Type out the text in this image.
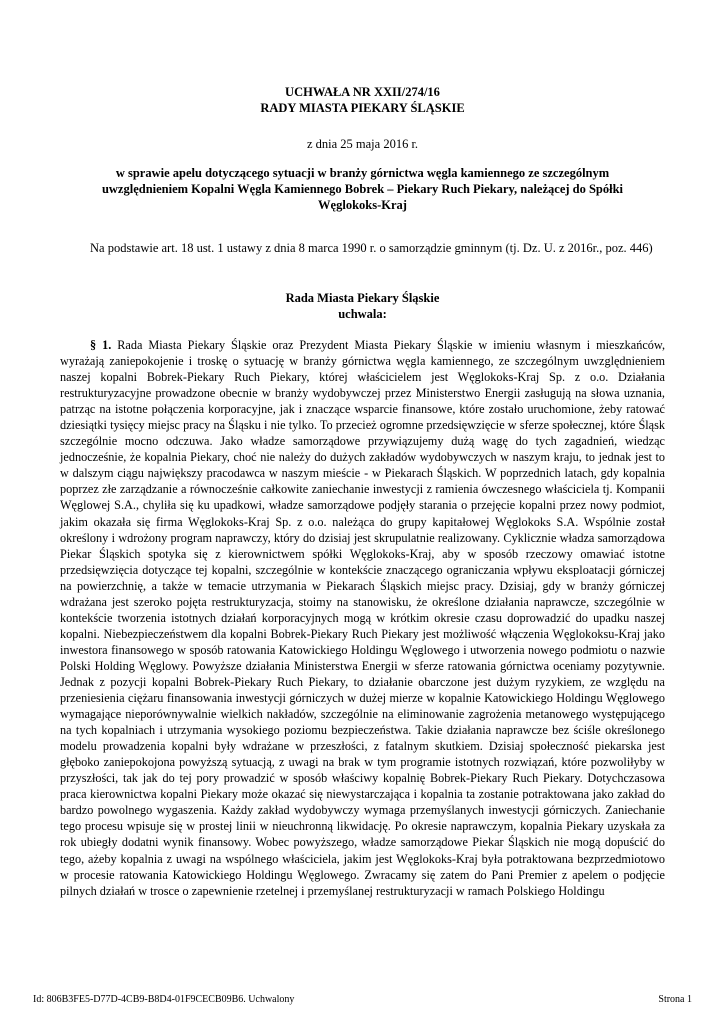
UCHWAŁA NR XXII/274/16
RADY MIASTA PIEKARY ŚLĄSKIE
z dnia 25 maja 2016 r.
w sprawie apelu dotyczącego sytuacji w branży górnictwa węgla kamiennego ze szczególnym uwzględnieniem Kopalni Węgla Kamiennego Bobrek – Piekary Ruch Piekary, należącej do Spółki Węglokoks-Kraj

Na podstawie art. 18 ust. 1 ustawy z dnia 8 marca 1990 r. o samorządzie gminnym (tj. Dz. U. z 2016r., poz. 446)

Rada Miasta Piekary Śląskie
uchwala:

§ 1. Rada Miasta Piekary Śląskie oraz Prezydent Miasta Piekary Śląskie w imieniu własnym i mieszkańców, wyrażają zaniepokojenie i troskę o sytuację w branży górnictwa węgla kamiennego, ze szczególnym uwzględnieniem naszej kopalni Bobrek-Piekary Ruch Piekary, której właścicielem jest Węglokoks-Kraj Sp. z o.o. Działania restrukturyzacyjne prowadzone obecnie w branży wydobywczej przez Ministerstwo Energii zasługują na słowa uznania, patrząc na istotne połączenia korporacyjne, jak i znaczące wsparcie finansowe, które zostało uruchomione, żeby ratować dziesiątki tysięcy miejsc pracy na Śląsku i nie tylko. To przecież ogromne przedsięwzięcie w sferze społecznej, które Śląsk szczególnie mocno odczuwa. Jako władze samorządowe przywiązujemy dużą wagę do tych zagadnień, wiedząc jednocześnie, że kopalnia Piekary, choć nie należy do dużych zakładów wydobywczych w naszym kraju, to jednak jest to w dalszym ciągu największy pracodawca w naszym mieście - w Piekarach Śląskich. W poprzednich latach, gdy kopalnia poprzez złe zarządzanie a równocześnie całkowite zaniechanie inwestycji z ramienia ówczesnego właściciela tj. Kompanii Węglowej S.A., chyliła się ku upadkowi, władze samorządowe podjęły starania o przejęcie kopalni przez nowy podmiot, jakim okazała się firma Węglokoks-Kraj Sp. z o.o. należąca do grupy kapitałowej Węglokoks S.A. Wspólnie został określony i wdrożony program naprawczy, który do dzisiaj jest skrupulatnie realizowany. Cyklicznie władza samorządowa Piekar Śląskich spotyka się z kierownictwem spółki Węglokoks-Kraj, aby w sposób rzeczowy omawiać istotne przedsięwzięcia dotyczące tej kopalni, szczególnie w kontekście znaczącego ograniczania wpływu eksploatacji górniczej na powierzchnię, a także w temacie utrzymania w Piekarach Śląskich miejsc pracy. Dzisiaj, gdy w branży górniczej wdrażana jest szeroko pojęta restrukturyzacja, stoimy na stanowisku, że określone działania naprawcze, szczególnie w kontekście tworzenia istotnych działań korporacyjnych mogą w krótkim okresie czasu doprowadzić do upadku naszej kopalni. Niebezpieczeństwem dla kopalni Bobrek-Piekary Ruch Piekary jest możliwość włączenia Węglokoksu-Kraj jako inwestora finansowego w sposób ratowania Katowickiego Holdingu Węglowego i utworzenia nowego podmiotu o nazwie Polski Holding Węglowy. Powyższe działania Ministerstwa Energii w sferze ratowania górnictwa oceniamy pozytywnie. Jednak z pozycji kopalni Bobrek-Piekary Ruch Piekary, to działanie obarczone jest dużym ryzykiem, ze względu na przeniesienia ciężaru finansowania inwestycji górniczych w dużej mierze w kopalnie Katowickiego Holdingu Węglowego wymagające nieporównywalnie wielkich nakładów, szczególnie na eliminowanie zagrożenia metanowego występującego na tych kopalniach i utrzymania wysokiego poziomu bezpieczeństwa. Takie działania naprawcze bez ściśle określonego modelu prowadzenia kopalni były wdrażane w przeszłości, z fatalnym skutkiem. Dzisiaj społeczność piekarska jest głęboko zaniepokojona powyższą sytuacją, z uwagi na brak w tym programie istotnych rozwiązań, które pozwoliłyby w przyszłości, tak jak do tej pory prowadzić w sposób właściwy kopalnię Bobrek-Piekary Ruch Piekary. Dotychczasowa praca kierownictwa kopalni Piekary może okazać się niewystarczająca i kopalnia ta zostanie potraktowana jako zakład do bardzo powolnego wygaszenia. Każdy zakład wydobywczy wymaga przemyślanych inwestycji górniczych. Zaniechanie tego procesu wpisuje się w prostej linii w nieuchronną likwidację. Po okresie naprawczym, kopalnia Piekary uzyskała za rok ubiegły dodatni wynik finansowy. Wobec powyższego, władze samorządowe Piekar Śląskich nie mogą dopuścić do tego, ażeby kopalnia z uwagi na wspólnego właściciela, jakim jest Węglokoks-Kraj była potraktowana bezprzedmiotowo w procesie ratowania Katowickiego Holdingu Węglowego. Zwracamy się zatem do Pani Premier z apelem o podjęcie pilnych działań w trosce o zapewnienie rzetelnej i przemyślanej restrukturyzacji w ramach Polskiego Holdingu

Id: 806B3FE5-D77D-4CB9-B8D4-01F9CECB09B6. Uchwalony	Strona 1
